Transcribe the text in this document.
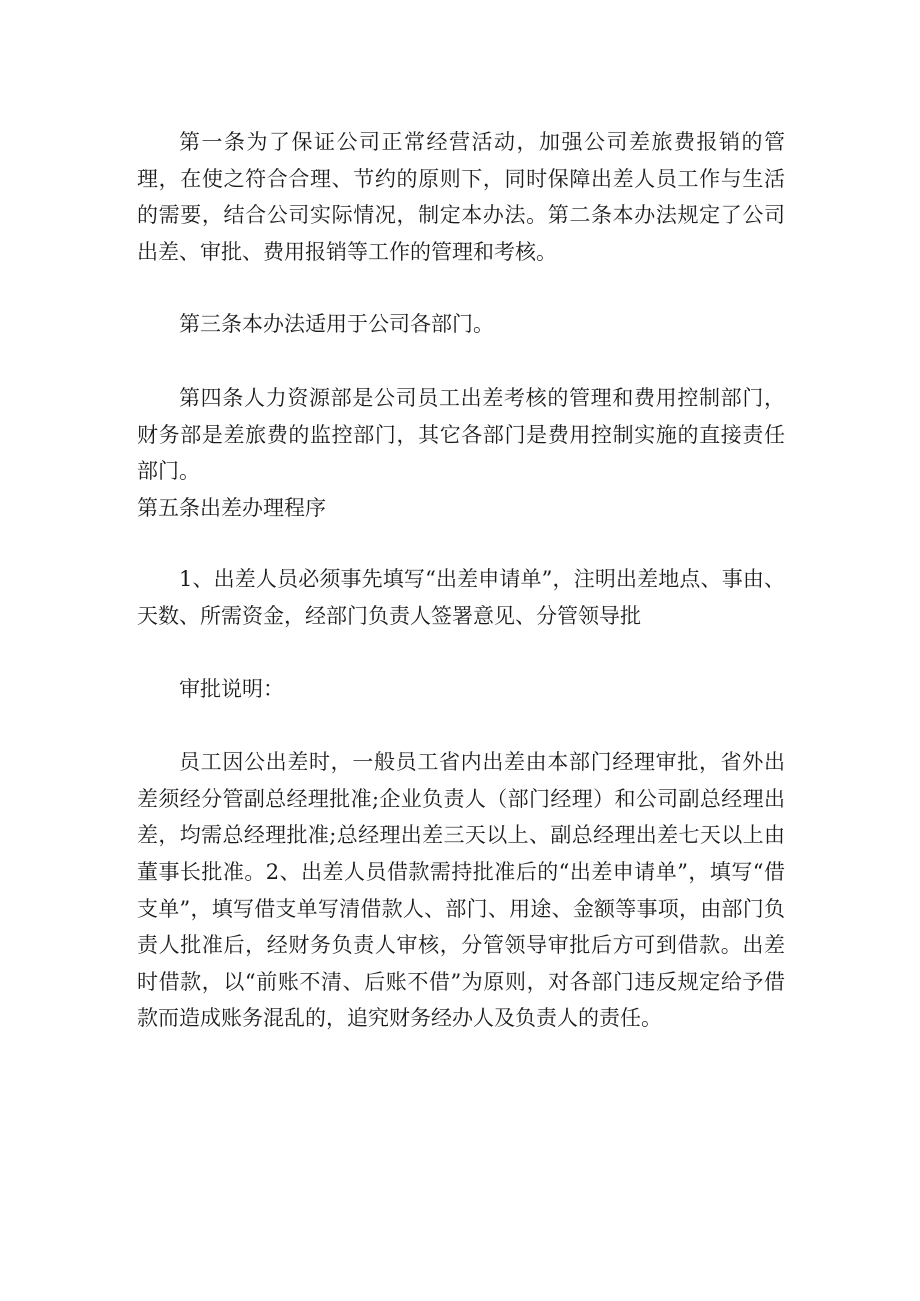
第一条为了保证公司正常经营活动，加强公司差旅费报销的管理，在使之符合合理、节约的原则下，同时保障出差人员工作与生活的需要，结合公司实际情况，制定本办法。第二条本办法规定了公司出差、审批、费用报销等工作的管理和考核。

第三条本办法适用于公司各部门。

第四条人力资源部是公司员工出差考核的管理和费用控制部门，财务部是差旅费的监控部门，其它各部门是费用控制实施的直接责任部门。

第五条出差办理程序

1、出差人员必须事先填写“出差申请单”，注明出差地点、事由、天数、所需资金，经部门负责人签署意见、分管领导批

审批说明：

员工因公出差时，一般员工省内出差由本部门经理审批，省外出差须经分管副总经理批准;企业负责人（部门经理）和公司副总经理出差，均需总经理批准;总经理出差三天以上、副总经理出差七天以上由董事长批准。2、出差人员借款需持批准后的“出差申请单”，填写“借支单”，填写借支单写清借款人、部门、用途、金额等事项，由部门负责人批准后，经财务负责人审核，分管领导审批后方可到借款。出差时借款，以“前账不清、后账不借”为原则，对各部门违反规定给予借款而造成账务混乱的，追究财务经办人及负责人的责任。
